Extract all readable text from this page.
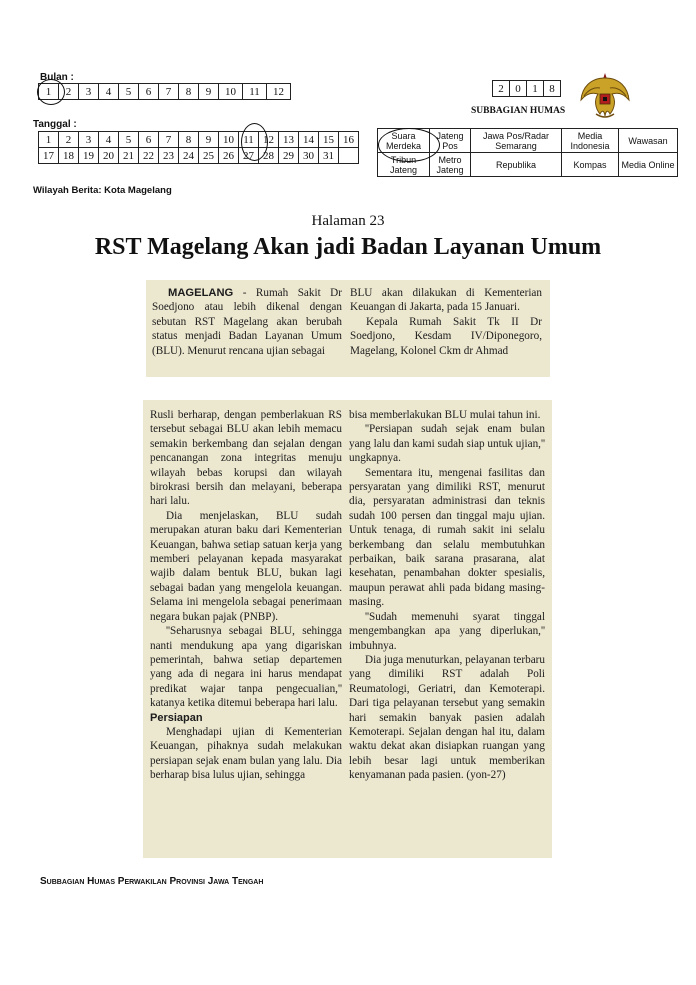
Bulan :
1	2	3	4	5	6	7	8	9	10	11	12
Tanggal :
1	2	3	4	5	6	7	8	9	10	11	12	13	14	15	16
17	18	19	20	21	22	23	24	25	26	27	28	29	30	31	
2	0	1	8
SUBBAGIAN HUMAS
Suara Merdeka	Jateng Pos	Jawa Pos/Radar Semarang	Media Indonesia	Wawasan
Tribun Jateng	Metro Jateng	Republika	Kompas	Media Online
Wilayah Berita: Kota Magelang
Halaman 23
RST Magelang Akan jadi Badan Layanan Umum

MAGELANG - Rumah Sakit Dr Soedjono atau lebih dikenal dengan sebutan RST Magelang akan berubah status menjadi Badan Layanan Umum (BLU). Menurut rencana ujian sebagai

BLU akan dilakukan di Kementerian Keuangan di Jakarta, pada 15 Januari.

Kepala Rumah Sakit Tk II Dr Soedjono, Kesdam IV/Diponegoro, Magelang, Kolonel Ckm dr Ahmad

Rusli berharap, dengan pemberlakuan RS tersebut sebagai BLU akan lebih memacu semakin berkembang dan sejalan dengan pencanangan zona integritas menuju wilayah bebas korupsi dan wilayah birokrasi bersih dan melayani, beberapa hari lalu.

Dia menjelaskan, BLU sudah merupakan aturan baku dari Kementerian Keuangan, bahwa setiap satuan kerja yang memberi pelayanan kepada masyarakat wajib dalam bentuk BLU, bukan lagi sebagai badan yang mengelola keuangan. Selama ini mengelola sebagai penerimaan negara bukan pajak (PNBP).

''Seharusnya sebagai BLU, sehingga nanti mendukung apa yang digariskan pemerintah, bahwa setiap departemen yang ada di negara ini harus mendapat predikat wajar tanpa pengecualian,'' katanya ketika ditemui beberapa hari lalu.

Persiapan

Menghadapi ujian di Kementerian Keuangan, pihaknya sudah melakukan persiapan sejak enam bulan yang lalu. Dia berharap bisa lulus ujian, sehingga

bisa memberlakukan BLU mulai tahun ini.

''Persiapan sudah sejak enam bulan yang lalu dan kami sudah siap untuk ujian,'' ungkapnya.

Sementara itu, mengenai fasilitas dan persyaratan yang dimiliki RST, menurut dia, persyaratan administrasi dan teknis sudah 100 persen dan tinggal maju ujian. Untuk tenaga, di rumah sakit ini selalu berkembang dan selalu membutuhkan perbaikan, baik sarana prasarana, alat kesehatan, penambahan dokter spesialis, maupun perawat ahli pada bidang masing-masing.

''Sudah memenuhi syarat tinggal mengembangkan apa yang diperlukan,'' imbuhnya.

Dia juga menuturkan, pelayanan terbaru yang dimiliki RST adalah Poli Reumatologi, Geriatri, dan Kemoterapi. Dari tiga pelayanan tersebut yang semakin hari semakin banyak pasien adalah Kemoterapi. Sejalan dengan hal itu, dalam waktu dekat akan disiapkan ruangan yang lebih besar lagi untuk memberikan kenyamanan pada pasien. (yon-27)

Subbagian Humas Perwakilan Provinsi Jawa Tengah
